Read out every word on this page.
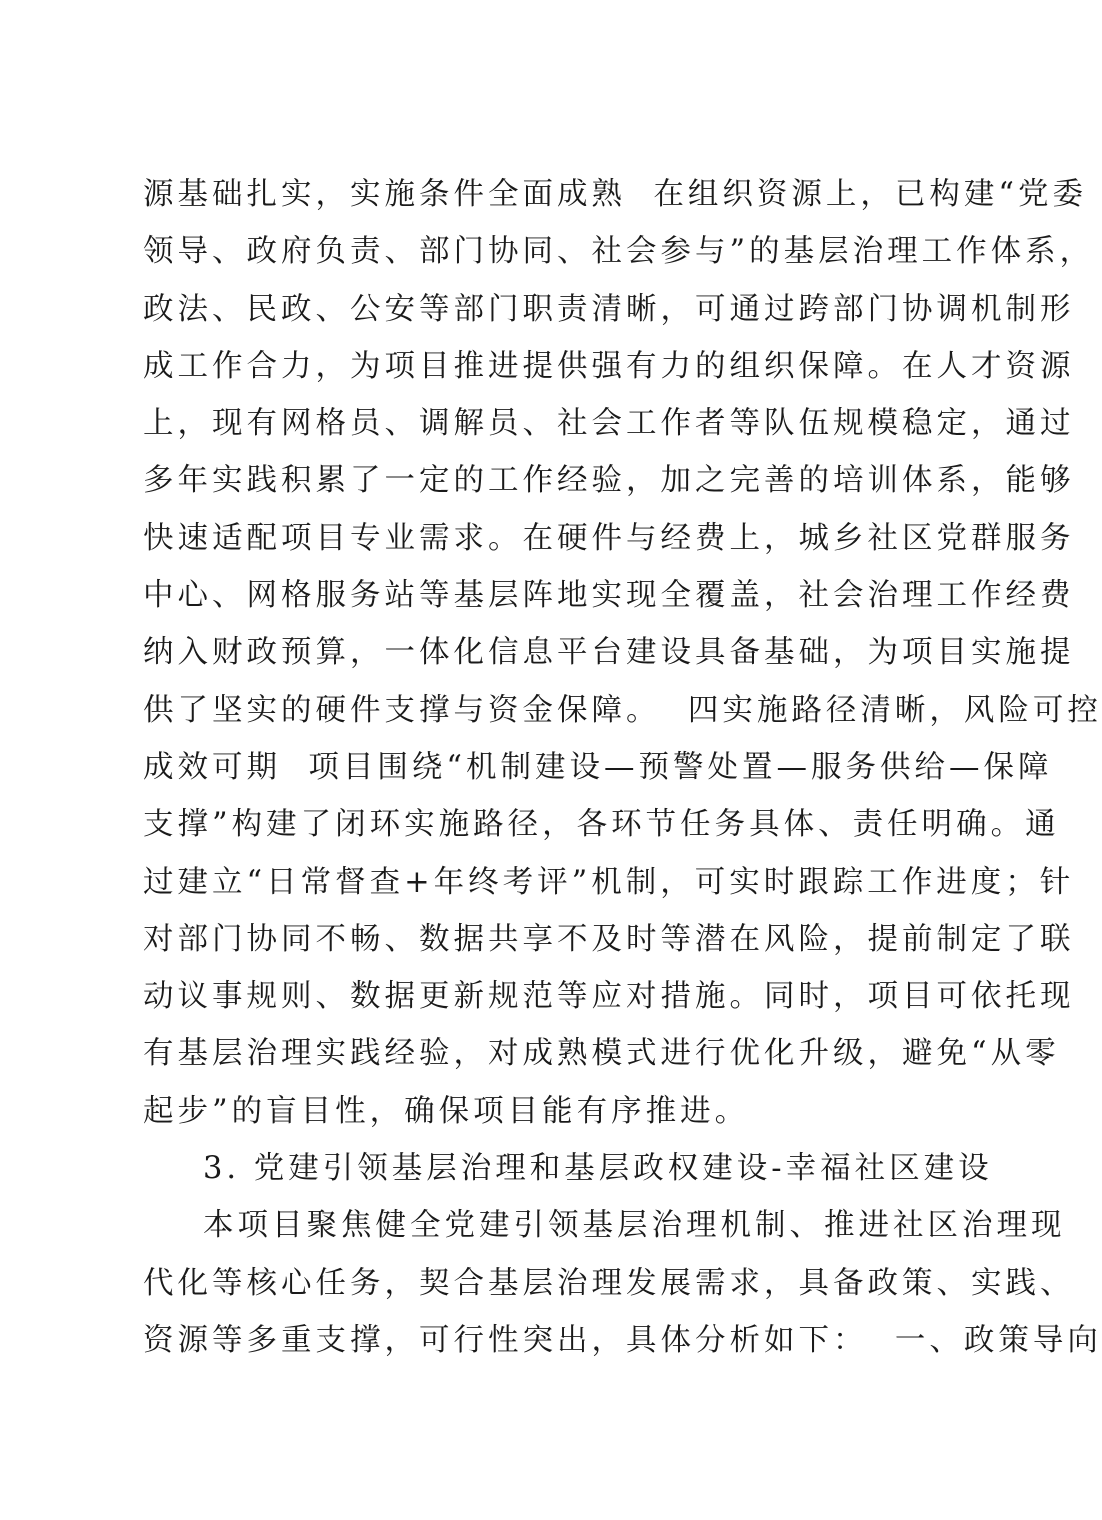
源基础扎实，实施条件全面成熟  在组织资源上，已构建“党委
领导、政府负责、部门协同、社会参与”的基层治理工作体系，
政法、民政、公安等部门职责清晰，可通过跨部门协调机制形
成工作合力，为项目推进提供强有力的组织保障。在人才资源
上，现有网格员、调解员、社会工作者等队伍规模稳定，通过
多年实践积累了一定的工作经验，加之完善的培训体系，能够
快速适配项目专业需求。在硬件与经费上，城乡社区党群服务
中心、网格服务站等基层阵地实现全覆盖，社会治理工作经费
纳入财政预算，一体化信息平台建设具备基础，为项目实施提
供了坚实的硬件支撑与资金保障。  四实施路径清晰，风险可控
成效可期  项目围绕“机制建设—预警处置—服务供给—保障
支撑”构建了闭环实施路径，各环节任务具体、责任明确。通
过建立“日常督查+年终考评”机制，可实时跟踪工作进度；针
对部门协同不畅、数据共享不及时等潜在风险，提前制定了联
动议事规则、数据更新规范等应对措施。同时，项目可依托现
有基层治理实践经验，对成熟模式进行优化升级，避免“从零
起步”的盲目性，确保项目能有序推进。
3. 党建引领基层治理和基层政权建设-幸福社区建设
本项目聚焦健全党建引领基层治理机制、推进社区治理现
代化等核心任务，契合基层治理发展需求，具备政策、实践、
资源等多重支撑，可行性突出，具体分析如下：  一、政策导向
